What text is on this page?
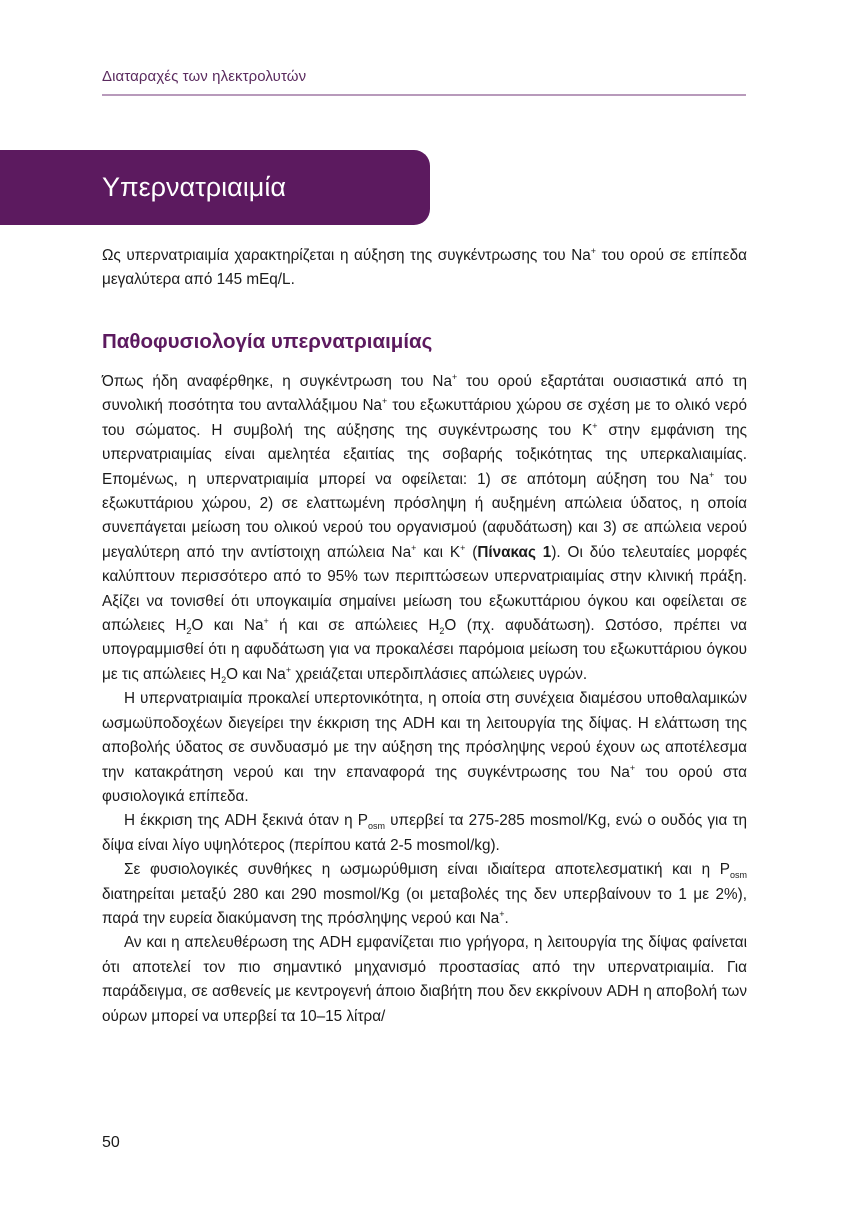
Διαταραχές των ηλεκτρολυτών
Υπερνατριαιμία

Ως υπερνατριαιμία χαρακτηρίζεται η αύξηση της συγκέντρωσης του Na+ του ορού σε επίπεδα μεγαλύτερα από 145 mEq/L.

Παθοφυσιολογία υπερνατριαιμίας

Όπως ήδη αναφέρθηκε, η συγκέντρωση του Na+ του ορού εξαρτάται ουσιαστικά από τη συνολική ποσότητα του ανταλλάξιμου Na+ του εξωκυττάριου χώρου σε σχέση με το ολικό νερό του σώματος. Η συμβολή της αύξησης της συγκέντρωσης του K+ στην εμφάνιση της υπερνατριαιμίας είναι αμελητέα εξαιτίας της σοβαρής τοξικότητας της υπερκαλιαιμίας. Επομένως, η υπερνατριαιμία μπορεί να οφείλεται: 1) σε απότομη αύξηση του Na+ του εξωκυττάριου χώρου, 2) σε ελαττωμένη πρόσληψη ή αυξημένη απώλεια ύδατος, η οποία συνεπάγεται μείωση του ολικού νερού του οργανισμού (αφυδάτωση) και 3) σε απώλεια νερού μεγαλύτερη από την αντίστοιχη απώλεια Na+ και K+ (Πίνακας 1). Οι δύο τελευταίες μορφές καλύπτουν περισσότερο από το 95% των περιπτώσεων υπερνατριαιμίας στην κλινική πράξη. Αξίζει να τονισθεί ότι υπογκαιμία σημαίνει μείωση του εξωκυττάριου όγκου και οφείλεται σε απώλειες $H_2O$ και Na+ ή και σε απώλειες $H_2O$ (πχ. αφυδάτωση). Ωστόσο, πρέπει να υπογραμμισθεί ότι η αφυδάτωση για να προκαλέσει παρόμοια μείωση του εξωκυττάριου όγκου με τις απώλειες $H_2O$ και Na+ χρειάζεται υπερδιπλάσιες απώλειες υγρών.

Η υπερνατριαιμία προκαλεί υπερτονικότητα, η οποία στη συνέχεια διαμέσου υποθαλαμικών ωσμωϋποδοχέων διεγείρει την έκκριση της ADH και τη λειτουργία της δίψας. Η ελάττωση της αποβολής ύδατος σε συνδυασμό με την αύξηση της πρόσληψης νερού έχουν ως αποτέλεσμα την κατακράτηση νερού και την επαναφορά της συγκέντρωσης του Na+ του ορού στα φυσιολογικά επίπεδα.

Η έκκριση της ADH ξεκινά όταν η $P_{osm}$ υπερβεί τα 275-285 mosmol/Kg, ενώ ο ουδός για τη δίψα είναι λίγο υψηλότερος (περίπου κατά 2-5 mosmol/kg).

Σε φυσιολογικές συνθήκες η ωσμωρύθμιση είναι ιδιαίτερα αποτελεσματική και η $P_{osm}$ διατηρείται μεταξύ 280 και 290 mosmol/Kg (οι μεταβολές της δεν υπερβαίνουν το 1 με 2%), παρά την ευρεία διακύμανση της πρόσληψης νερού και Na+.

Αν και η απελευθέρωση της ADH εμφανίζεται πιο γρήγορα, η λειτουργία της δίψας φαίνεται ότι αποτελεί τον πιο σημαντικό μηχανισμό προστασίας από την υπερνατριαιμία. Για παράδειγμα, σε ασθενείς με κεντρογενή άποιο διαβήτη που δεν εκκρίνουν ADH η αποβολή των ούρων μπορεί να υπερβεί τα 10–15 λίτρα/

50
